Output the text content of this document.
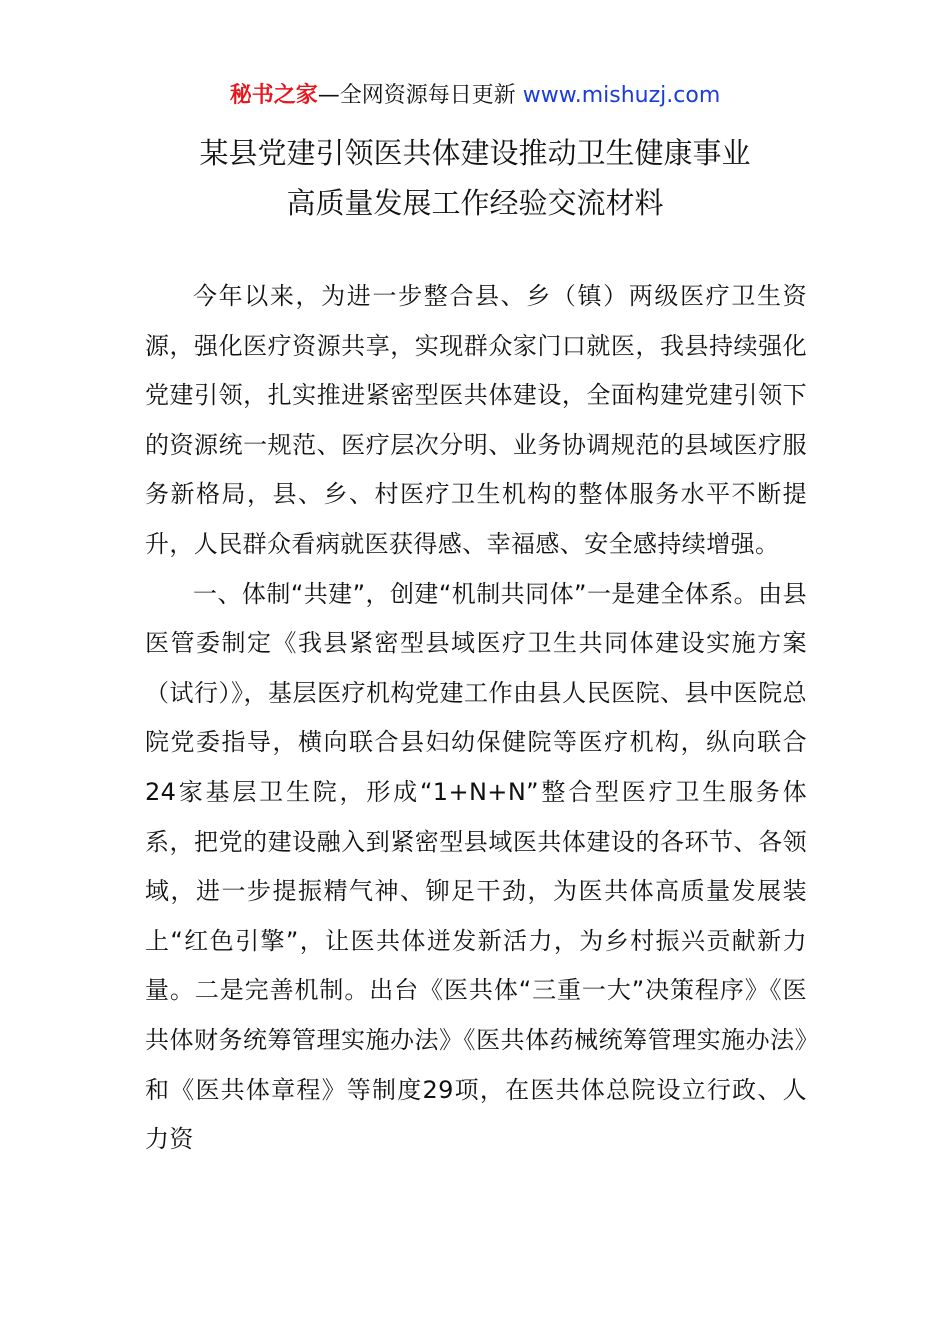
秘书之家—全网资源每日更新 www.mishuzj.com
某县党建引领医共体建设推动卫生健康事业
高质量发展工作经验交流材料

今年以来，为进一步整合县、乡（镇）两级医疗卫生资源，强化医疗资源共享，实现群众家门口就医，我县持续强化党建引领，扎实推进紧密型医共体建设，全面构建党建引领下的资源统一规范、医疗层次分明、业务协调规范的县域医疗服务新格局，县、乡、村医疗卫生机构的整体服务水平不断提升，人民群众看病就医获得感、幸福感、安全感持续增强。

一、体制“共建”，创建“机制共同体”一是建全体系。由县医管委制定《我县紧密型县域医疗卫生共同体建设实施方案（试行）》，基层医疗机构党建工作由县人民医院、县中医院总院党委指导，横向联合县妇幼保健院等医疗机构，纵向联合24家基层卫生院，形成“1+N+N”整合型医疗卫生服务体系，把党的建设融入到紧密型县域医共体建设的各环节、各领域，进一步提振精气神、铆足干劲，为医共体高质量发展装上“红色引擎”，让医共体迸发新活力，为乡村振兴贡献新力量。二是完善机制。出台《医共体“三重一大”决策程序》《医共体财务统筹管理实施办法》《医共体药械统筹管理实施办法》和《医共体章程》等制度29项，在医共体总院设立行政、人力资
